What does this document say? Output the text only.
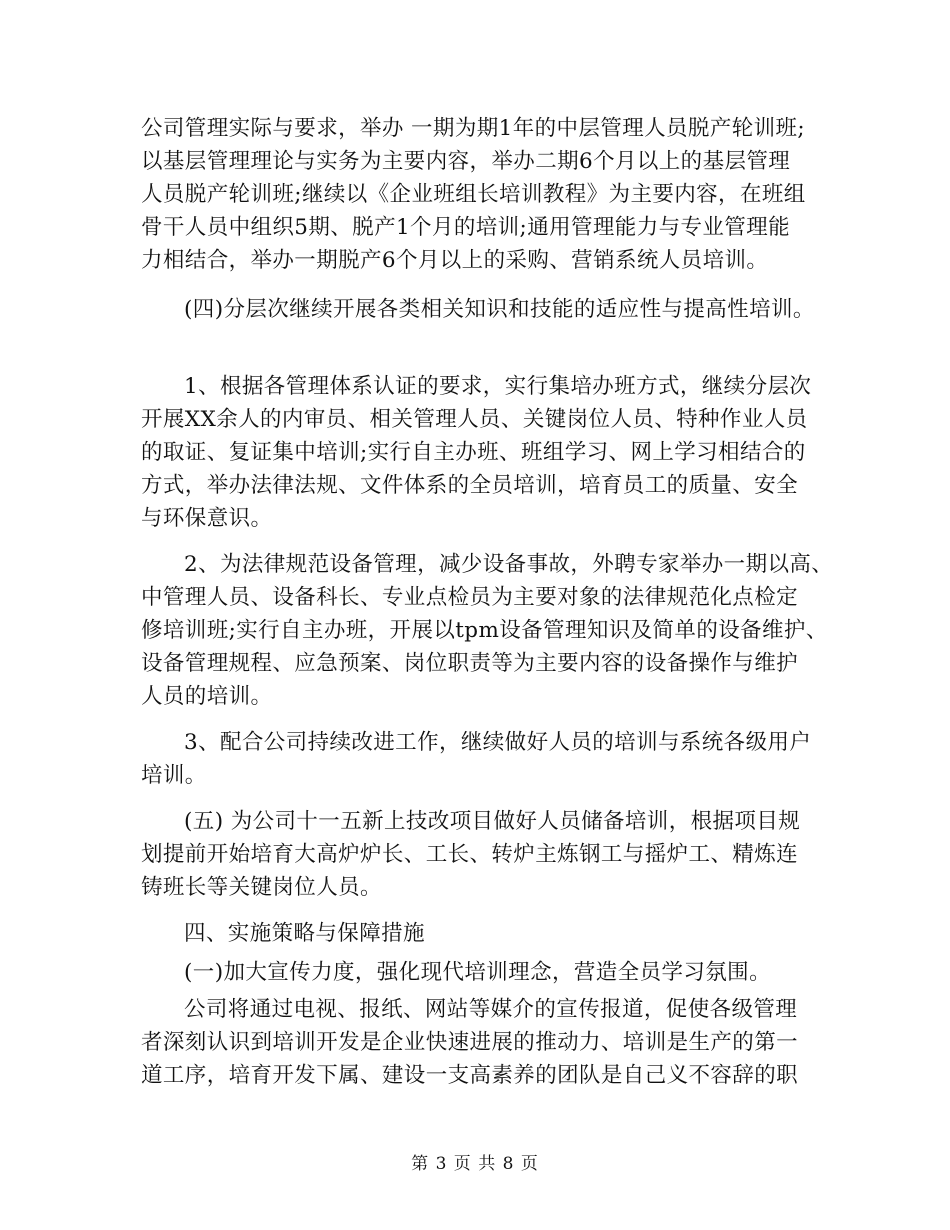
公司管理实际与要求，举办 一期为期1年的中层管理人员脱产轮训班;
以基层管理理论与实务为主要内容，举办二期6个月以上的基层管理
人员脱产轮训班;继续以《企业班组长培训教程》为主要内容，在班组
骨干人员中组织5期、脱产1个月的培训;通用管理能力与专业管理能
力相结合，举办一期脱产6个月以上的采购、营销系统人员培训。
(四)分层次继续开展各类相关知识和技能的适应性与提高性培训。
1、根据各管理体系认证的要求，实行集培办班方式，继续分层次
开展XX余人的内审员、相关管理人员、关键岗位人员、特种作业人员
的取证、复证集中培训;实行自主办班、班组学习、网上学习相结合的
方式，举办法律法规、文件体系的全员培训，培育员工的质量、安全
与环保意识。
2、为法律规范设备管理，减少设备事故，外聘专家举办一期以高、
中管理人员、设备科长、专业点检员为主要对象的法律规范化点检定
修培训班;实行自主办班，开展以tpm设备管理知识及简单的设备维护、
设备管理规程、应急预案、岗位职责等为主要内容的设备操作与维护
人员的培训。
3、配合公司持续改进工作，继续做好人员的培训与系统各级用户
培训。
(五) 为公司十一五新上技改项目做好人员储备培训，根据项目规
划提前开始培育大高炉炉长、工长、转炉主炼钢工与摇炉工、精炼连
铸班长等关键岗位人员。
四、实施策略与保障措施
(一)加大宣传力度，强化现代培训理念，营造全员学习氛围。
公司将通过电视、报纸、网站等媒介的宣传报道，促使各级管理
者深刻认识到培训开发是企业快速进展的推动力、培训是生产的第一
道工序，培育开发下属、建设一支高素养的团队是自己义不容辞的职
第 3 页 共 8 页
